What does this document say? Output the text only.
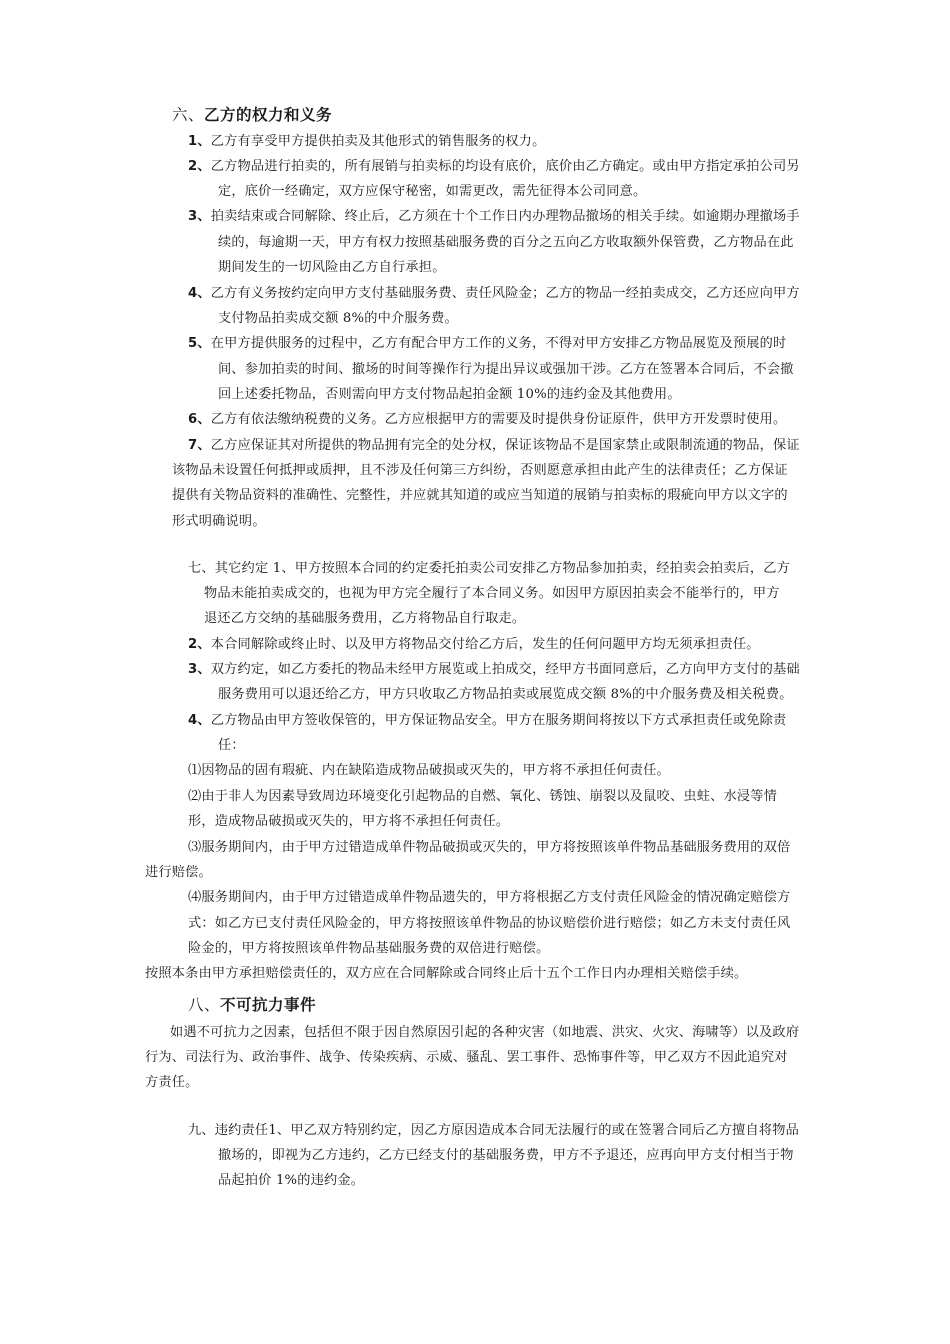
六、乙方的权力和义务
1、乙方有享受甲方提供拍卖及其他形式的销售服务的权力。
2、乙方物品进行拍卖的，所有展销与拍卖标的均设有底价，底价由乙方确定。或由甲方指定承拍公司另
定，底价一经确定，双方应保守秘密，如需更改，需先征得本公司同意。
3、拍卖结束或合同解除、终止后，乙方须在十个工作日内办理物品撤场的相关手续。如逾期办理撤场手
续的，每逾期一天，甲方有权力按照基础服务费的百分之五向乙方收取额外保管费，乙方物品在此
期间发生的一切风险由乙方自行承担。
4、乙方有义务按约定向甲方支付基础服务费、责任风险金；乙方的物品一经拍卖成交，乙方还应向甲方
支付物品拍卖成交额 8%的中介服务费。
5、在甲方提供服务的过程中，乙方有配合甲方工作的义务，不得对甲方安排乙方物品展览及预展的时
间、参加拍卖的时间、撤场的时间等操作行为提出异议或强加干涉。乙方在签署本合同后，不会撤
回上述委托物品，否则需向甲方支付物品起拍金额 10%的违约金及其他费用。
6、乙方有依法缴纳税费的义务。乙方应根据甲方的需要及时提供身份证原件，供甲方开发票时使用。
7、乙方应保证其对所提供的物品拥有完全的处分权，保证该物品不是国家禁止或限制流通的物品，保证
该物品未设置任何抵押或质押，且不涉及任何第三方纠纷，否则愿意承担由此产生的法律责任；乙方保证
提供有关物品资料的准确性、完整性，并应就其知道的或应当知道的展销与拍卖标的瑕疵向甲方以文字的
形式明确说明。
七、其它约定 1、甲方按照本合同的约定委托拍卖公司安排乙方物品参加拍卖，经拍卖会拍卖后，乙方
物品未能拍卖成交的，也视为甲方完全履行了本合同义务。如因甲方原因拍卖会不能举行的，甲方
退还乙方交纳的基础服务费用，乙方将物品自行取走。
2、本合同解除或终止时、以及甲方将物品交付给乙方后，发生的任何问题甲方均无须承担责任。
3、双方约定，如乙方委托的物品未经甲方展览或上拍成交，经甲方书面同意后，乙方向甲方支付的基础
服务费用可以退还给乙方，甲方只收取乙方物品拍卖或展览成交额 8%的中介服务费及相关税费。
4、乙方物品由甲方签收保管的，甲方保证物品安全。甲方在服务期间将按以下方式承担责任或免除责
任：
⑴因物品的固有瑕疵、内在缺陷造成物品破损或灭失的，甲方将不承担任何责任。
⑵由于非人为因素导致周边环境变化引起物品的自燃、氧化、锈蚀、崩裂以及鼠咬、虫蛀、水浸等情
形，造成物品破损或灭失的，甲方将不承担任何责任。
⑶服务期间内，由于甲方过错造成单件物品破损或灭失的，甲方将按照该单件物品基础服务费用的双倍
进行赔偿。
⑷服务期间内，由于甲方过错造成单件物品遗失的，甲方将根据乙方支付责任风险金的情况确定赔偿方
式：如乙方已支付责任风险金的，甲方将按照该单件物品的协议赔偿价进行赔偿；如乙方未支付责任风
险金的，甲方将按照该单件物品基础服务费的双倍进行赔偿。
按照本条由甲方承担赔偿责任的，双方应在合同解除或合同终止后十五个工作日内办理相关赔偿手续。
八、不可抗力事件
如遇不可抗力之因素，包括但不限于因自然原因引起的各种灾害（如地震、洪灾、火灾、海啸等）以及政府
行为、司法行为、政治事件、战争、传染疾病、示威、骚乱、罢工事件、恐怖事件等，甲乙双方不因此追究对
方责任。
九、违约责任1、甲乙双方特别约定，因乙方原因造成本合同无法履行的或在签署合同后乙方擅自将物品
撤场的，即视为乙方违约，乙方已经支付的基础服务费，甲方不予退还，应再向甲方支付相当于物
品起拍价 1%的违约金。
